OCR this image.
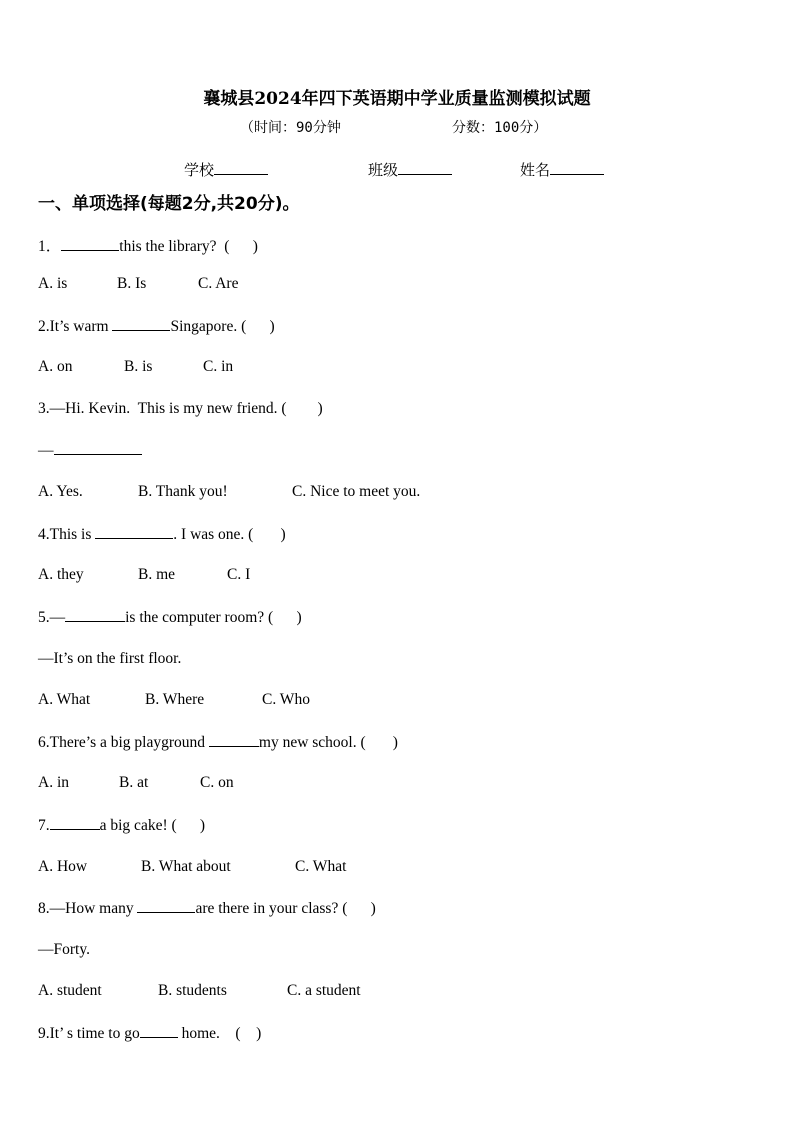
襄城县2024年四下英语期中学业质量监测模拟试题
（时间：90分钟	分数：100分）
学校	班级	姓名
一、单项选择(每题2分,共20分)。
1．	this the library?  (      )
A. is	B. Is	C. Are
2.It’s warm	Singapore. (      )
A. on	B. is	C. in
3.—Hi. Kevin.  This is my new friend. (        )
—
A. Yes.	B. Thank you!	C. Nice to meet you.
4.This is	. I was one. (       )
A. they	B. me	C. I
5.—	is the computer room? (      )
—It’s on the first floor.
A. What	B. Where	C. Who
6.There’s a big playground	my new school. (       )
A. in	B. at	C. on
7.	a big cake! (      )
A. How	B. What about	C. What
8.—How many	are there in your class? (      )
—Forty.
A. student	B. students	C. a student
9.It’ s time to go home.    (    )
